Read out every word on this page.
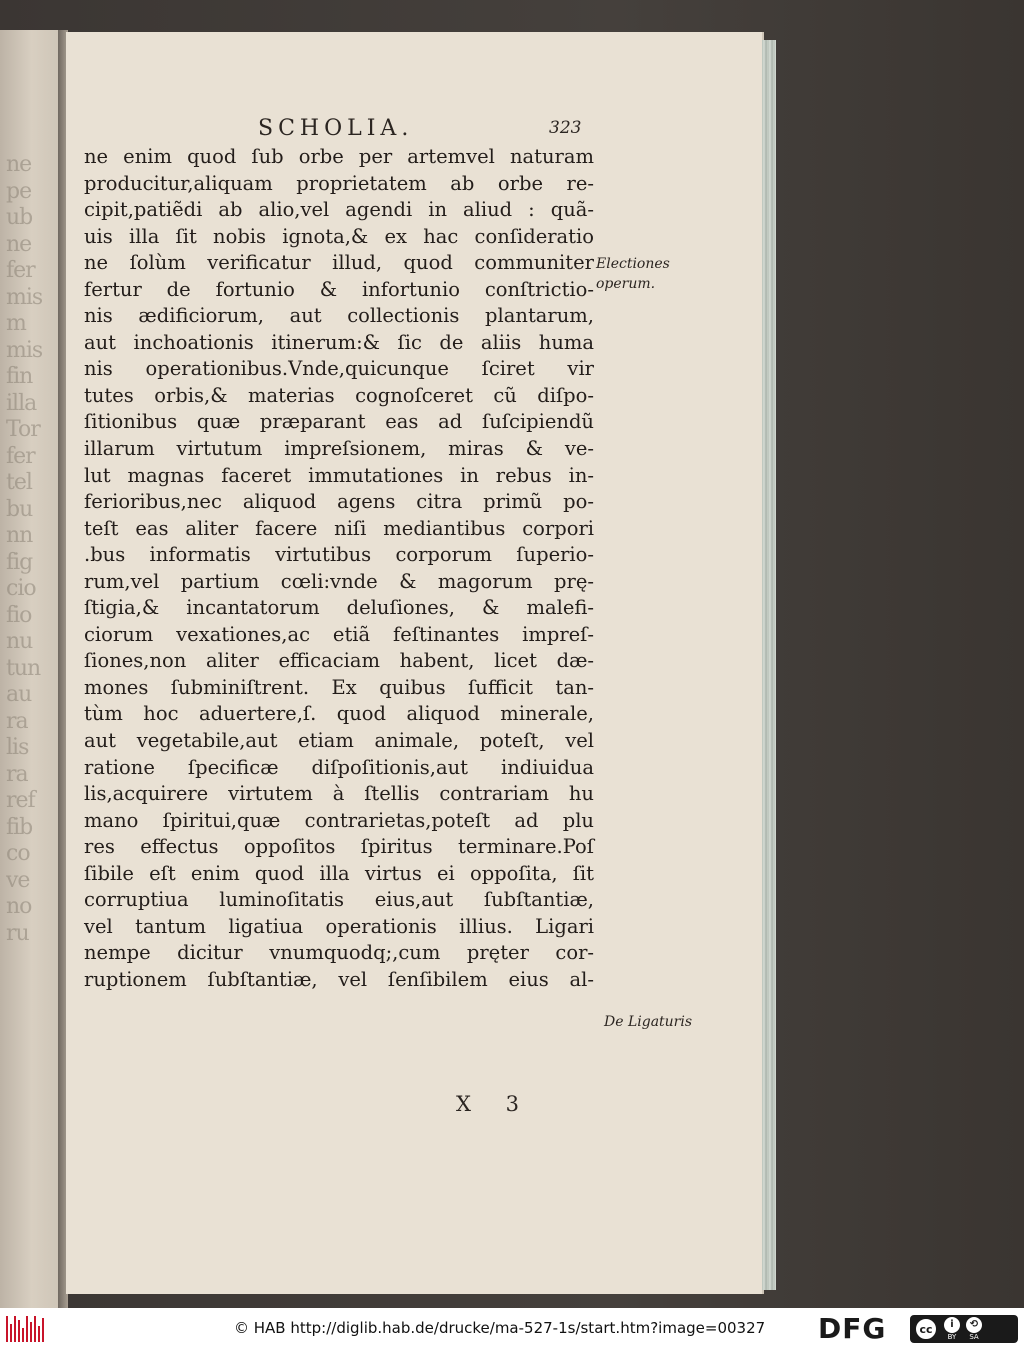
ne
pe
ub
ne
fer
mis
m
mis
fin
illa
Tor
fer
tel
bu
nn
fig
cio
fio
nu
tun
au
ra
lis
ra
ref
fib
co
ve
no
ru
SCHOLIA.	323
ne enim quod ſub orbe per artemvel naturam
producitur,aliquam proprietatem ab orbe re-
cipit,patiẽdi ab alio,vel agendi in aliud : quã-
uis illa ſit nobis ignota,& ex hac conſideratio
ne ſolùm verificatur illud, quod communiter
fertur de fortunio & infortunio conſtrictio-
nis ædificiorum, aut collectionis plantarum,
aut inchoationis itinerum:& ſic de aliis huma
nis operationibus.Vnde,quicunque ſciret vir
tutes orbis,& materias cognoſceret cũ diſpo-
ſitionibus quæ præparant eas ad ſuſcipiendũ
illarum virtutum impreſsionem, miras & ve-
lut magnas faceret immutationes in rebus in-
ferioribus,nec aliquod agens citra primũ po-
teſt eas aliter facere niſi mediantibus corpori
.bus informatis virtutibus corporum ſuperio-
rum,vel partium cœli:vnde & magorum prę-
ſtigia,& incantatorum deluſiones, & malefi-
ciorum vexationes,ac etiã feſtinantes impreſ-
ſiones,non aliter efficaciam habent, licet dæ-
mones ſubminiſtrent. Ex quibus ſufficit tan-
tùm hoc aduertere,ſ. quod aliquod minerale,
aut vegetabile,aut etiam animale, poteſt, vel
ratione ſpecificæ diſpoſitionis,aut indiuidua
lis,acquirere virtutem à ſtellis contrariam hu
mano ſpiritui,quæ contrarietas,poteſt ad plu
res effectus oppoſitos ſpiritus terminare.Poſ
ſibile eſt enim quod illa virtus ei oppoſita, ſit
corruptiua luminoſitatis eius,aut ſubſtantiæ,
vel tantum ligatiua operationis illius. Ligari
nempe dicitur vnumquodq;,cum pręter cor-
ruptionem ſubſtantiæ, vel ſenſibilem eius al-
Electiones
operum.
De Ligaturis
X 3
© HAB http://diglib.hab.de/drucke/ma-527-1s/start.htm?image=00327 DFG	cc	i
BY
⟲
SA
